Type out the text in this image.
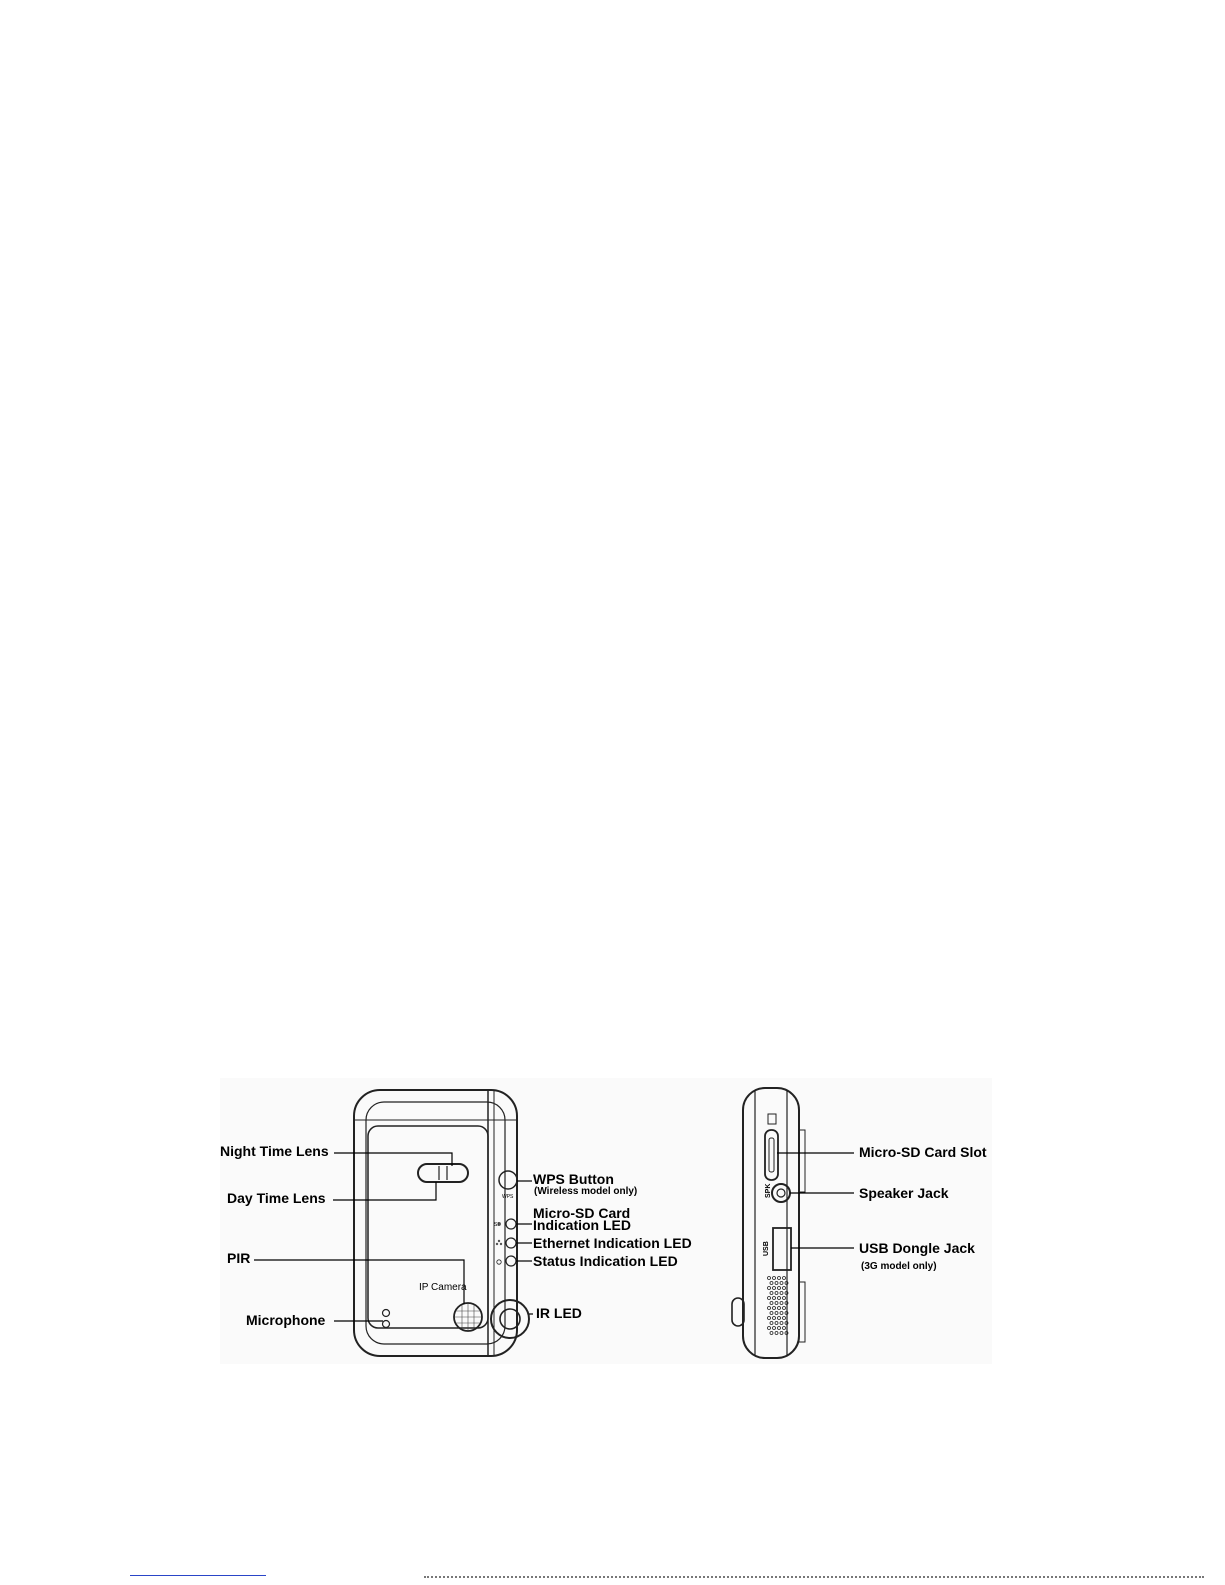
IP Camera
WPS
SD
SPK
USB
Night Time Lens
Day Time Lens
PIR
Microphone
WPS Button
(Wireless model only)
Micro-SD Card
Indication LED
Ethernet Indication LED
Status Indication LED
IR LED
Micro-SD Card Slot
Speaker Jack
USB Dongle Jack
(3G model only)
